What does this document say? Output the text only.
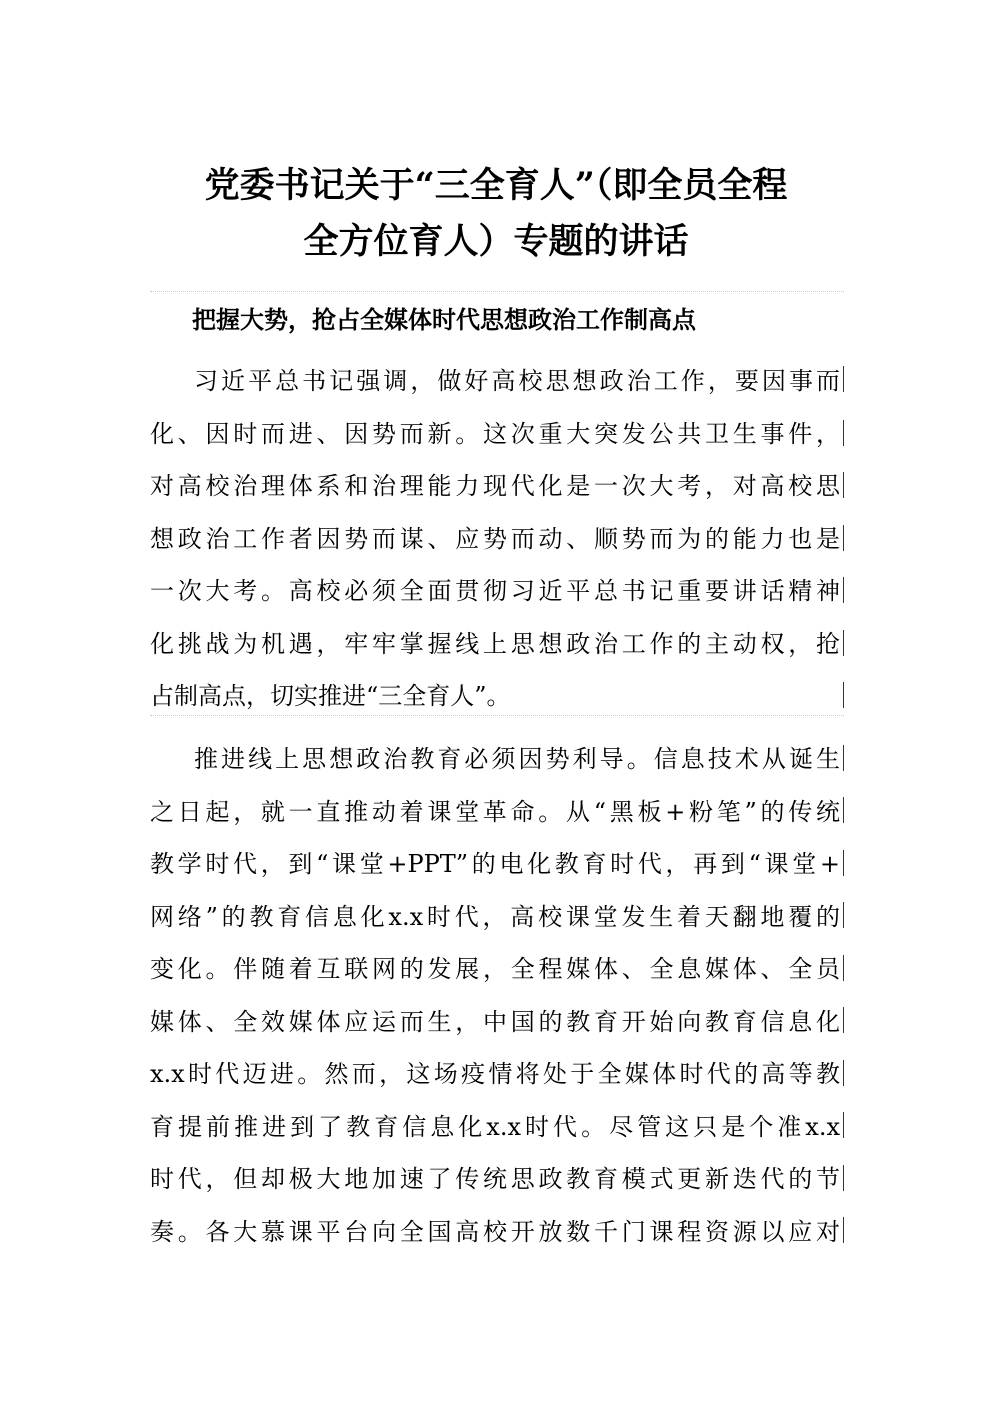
党委书记关于“三全育人”（即全员全程
全方位育人）专题的讲话
把握大势，抢占全媒体时代思想政治工作制高点
习近平总书记强调，做好高校思想政治工作，要因事而
化、因时而进、因势而新。这次重大突发公共卫生事件，
对高校治理体系和治理能力现代化是一次大考，对高校思
想政治工作者因势而谋、应势而动、顺势而为的能力也是
一次大考。高校必须全面贯彻习近平总书记重要讲话精神
化挑战为机遇，牢牢掌握线上思想政治工作的主动权，抢
占制高点，切实推进“三全育人”。
推进线上思想政治教育必须因势利导。信息技术从诞生
之日起，就一直推动着课堂革命。从“黑板+粉笔”的传统
教学时代，到“课堂+PPT”的电化教育时代，再到“课堂+
网络”的教育信息化x.x时代，高校课堂发生着天翻地覆的
变化。伴随着互联网的发展，全程媒体、全息媒体、全员
媒体、全效媒体应运而生，中国的教育开始向教育信息化
x.x时代迈进。然而，这场疫情将处于全媒体时代的高等教
育提前推进到了教育信息化x.x时代。尽管这只是个准x.x
时代，但却极大地加速了传统思政教育模式更新迭代的节
奏。各大慕课平台向全国高校开放数千门课程资源以应对
